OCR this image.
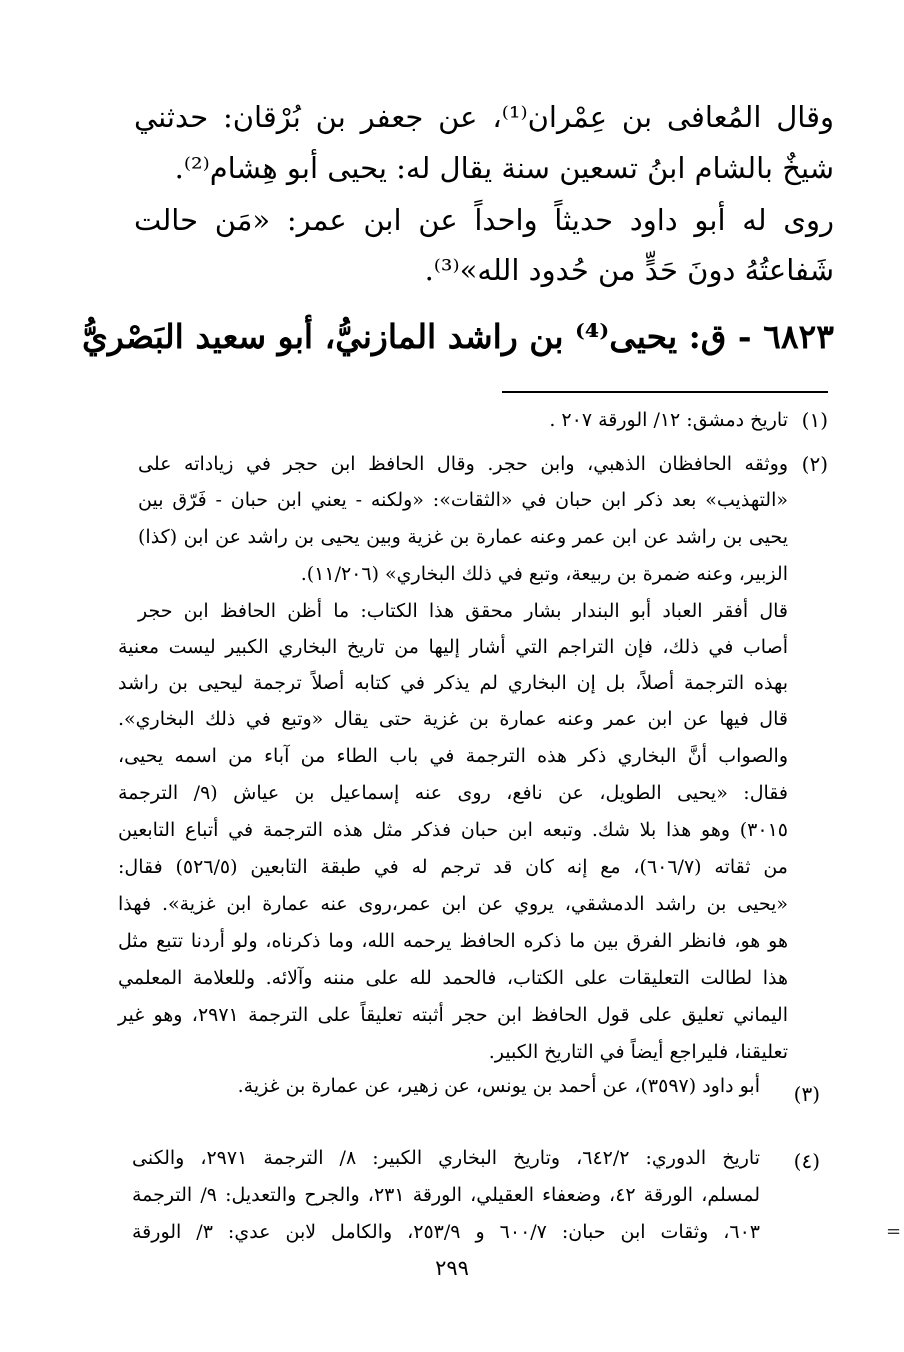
وقال المُعافى بن عِمْران⁽¹⁾، عن جعفر بن بُرْقان: حدثني
شيخٌ بالشام ابنُ تسعين سنة يقال له: يحيى أبو هِشام⁽²⁾.
روى له أبو داود حديثاً واحداً عن ابن عمر: «مَن حالت
شَفاعتُهُ دونَ حَدٍّ من حُدود الله»⁽³⁾.
٦٨٢٣ - ق: يحيى⁽⁴⁾ بن راشد المازنيُّ، أبو سعيد البَصْريُّ
(١)
تاريخ دمشق: ١٢/ الورقة ٢٠٧ .
(٢)
ووثقه الحافظان الذهبي، وابن حجر. وقال الحافظ ابن حجر في زياداته على
«التهذيب» بعد ذكر ابن حبان في «الثقات»: «ولكنه - يعني ابن حبان - فَرّق بين
يحيى بن راشد عن ابن عمر وعنه عمارة بن غزية وبين يحيى بن راشد عن ابن (كذا)
الزبير، وعنه ضمرة بن ربيعة، وتبع في ذلك البخاري» (١١/٢٠٦).
قال أفقر العباد أبو البندار بشار محقق هذا الكتاب: ما أظن الحافظ ابن حجر
أصاب في ذلك، فإن التراجم التي أشار إليها من تاريخ البخاري الكبير ليست معنية
بهذه الترجمة أصلاً، بل إن البخاري لم يذكر في كتابه أصلاً ترجمة ليحيى بن راشد
قال فيها عن ابن عمر وعنه عمارة بن غزية حتى يقال «وتبع في ذلك البخاري».
والصواب أنَّ البخاري ذكر هذه الترجمة في باب الطاء من آباء من اسمه يحيى،
فقال: «يحيى الطويل، عن نافع، روى عنه إسماعيل بن عياش (٩/ الترجمة
٣٠١٥) وهو هذا بلا شك. وتبعه ابن حبان فذكر مثل هذه الترجمة في أتباع التابعين
من ثقاته (٦٠٦/٧)، مع إنه كان قد ترجم له في طبقة التابعين (٥٢٦/٥) فقال:
«يحيى بن راشد الدمشقي، يروي عن ابن عمر،روى عنه عمارة ابن غزية». فهذا
هو هو، فانظر الفرق بين ما ذكره الحافظ يرحمه الله، وما ذكرناه، ولو أردنا تتبع مثل
هذا لطالت التعليقات على الكتاب، فالحمد لله على مننه وآلائه. وللعلامة المعلمي
اليماني تعليق على قول الحافظ ابن حجر أثبته تعليقاً على الترجمة ٢٩٧١، وهو غير
تعليقنا، فليراجع أيضاً في التاريخ الكبير.
(٣)
أبو داود (٣٥٩٧)، عن أحمد بن يونس، عن زهير، عن عمارة بن غزية.
(٤)
تاريخ الدوري: ٦٤٢/٢، وتاريخ البخاري الكبير: ٨/ الترجمة ٢٩٧١، والكنى
لمسلم، الورقة ٤٢، وضعفاء العقيلي، الورقة ٢٣١، والجرح والتعديل: ٩/ الترجمة
٦٠٣، وثقات ابن حبان: ٦٠٠/٧ و ٢٥٣/٩، والكامل لابن عدي: ٣/ الورقة	=
٢٩٩
